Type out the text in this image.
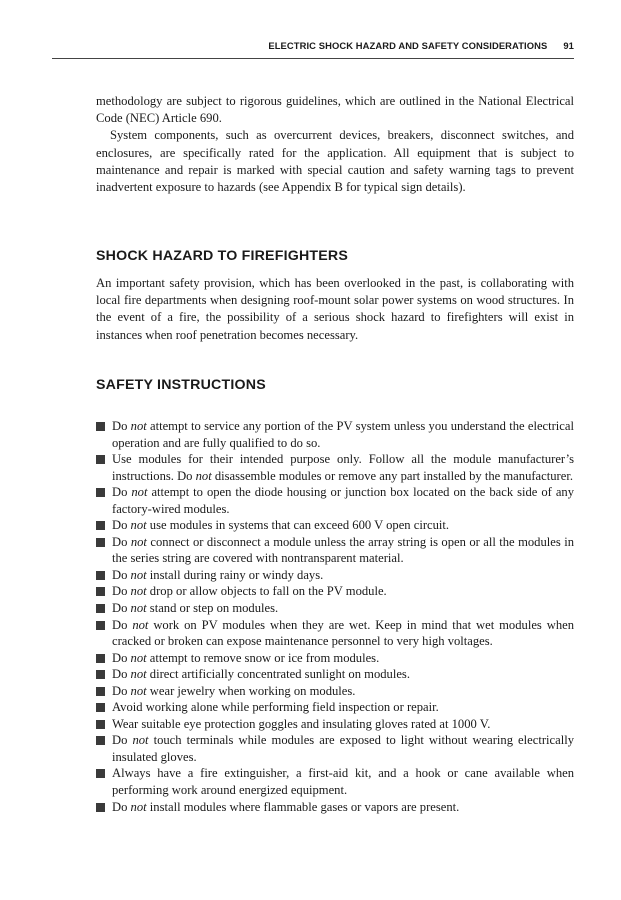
ELECTRIC SHOCK HAZARD AND SAFETY CONSIDERATIONS 91

methodology are subject to rigorous guidelines, which are outlined in the National Electrical Code (NEC) Article 690.

System components, such as overcurrent devices, breakers, disconnect switches, and enclosures, are specifically rated for the application. All equipment that is subject to maintenance and repair is marked with special caution and safety warning tags to prevent inadvertent exposure to hazards (see Appendix B for typical sign details).

SHOCK HAZARD TO FIREFIGHTERS

An important safety provision, which has been overlooked in the past, is collaborating with local fire departments when designing roof-mount solar power systems on wood structures. In the event of a fire, the possibility of a serious shock hazard to firefighters will exist in instances when roof penetration becomes necessary.

SAFETY INSTRUCTIONS
Do not attempt to service any portion of the PV system unless you understand the electrical operation and are fully qualified to do so.
Use modules for their intended purpose only. Follow all the module manufacturer’s instructions. Do not disassemble modules or remove any part installed by the manufacturer.
Do not attempt to open the diode housing or junction box located on the back side of any factory-wired modules.
Do not use modules in systems that can exceed 600 V open circuit.
Do not connect or disconnect a module unless the array string is open or all the modules in the series string are covered with nontransparent material.
Do not install during rainy or windy days.
Do not drop or allow objects to fall on the PV module.
Do not stand or step on modules.
Do not work on PV modules when they are wet. Keep in mind that wet modules when cracked or broken can expose maintenance personnel to very high voltages.
Do not attempt to remove snow or ice from modules.
Do not direct artificially concentrated sunlight on modules.
Do not wear jewelry when working on modules.
Avoid working alone while performing field inspection or repair.
Wear suitable eye protection goggles and insulating gloves rated at 1000 V.
Do not touch terminals while modules are exposed to light without wearing electrically insulated gloves.
Always have a fire extinguisher, a first-aid kit, and a hook or cane available when performing work around energized equipment.
Do not install modules where flammable gases or vapors are present.
